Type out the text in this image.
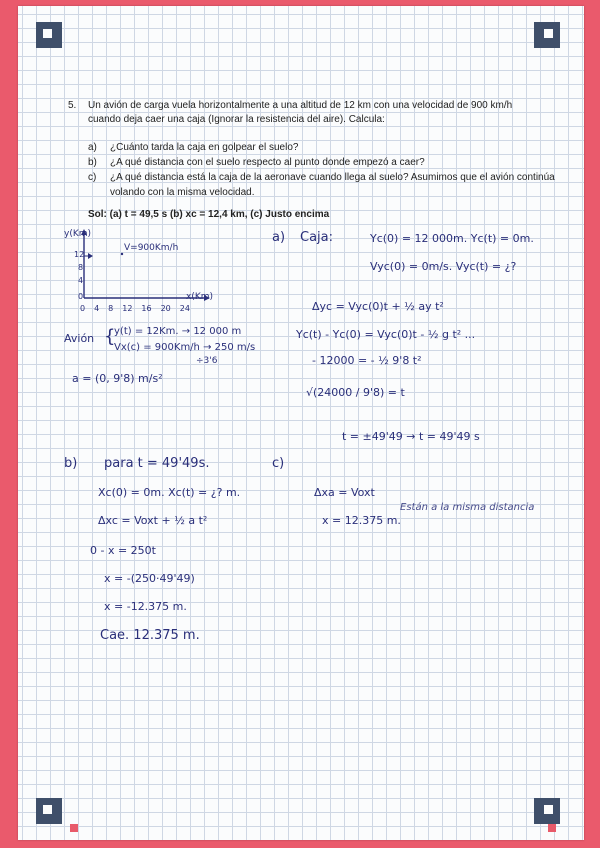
5. Un avión de carga vuela horizontalmente a una altitud de 12 km con una velocidad de 900 km/h
cuando deja caer una caja (Ignorar la resistencia del aire). Calcula:
a) ¿Cuánto tarda la caja en golpear el suelo?
b) ¿A qué distancia con el suelo respecto al punto donde empezó a caer?
c) ¿A qué distancia está la caja de la aeronave cuando llega al suelo? Asumimos que el avión continúa
volando con la misma velocidad.
Sol: (a) t = 49,5 s (b) xc = 12,4 km, (c) Justo encima
y(Km)
12
8
4
0
V=900Km/h
x(Km)
0 4 8 12 16 20 24
Avión {
y(t) = 12Km. → 12 000 m
Vx(c) = 900Km/h → 250 m/s
÷3'6
a = (0, 9'8) m/s²
a) Caja:	Yc(0) = 12 000m. Yc(t) = 0m.
Vyc(0) = 0m/s. Vyc(t) = ¿?
Δyc = Vyc(0)t + ½ ay t²
Yc(t) - Yc(0) = Vyc(0)t - ½ g t² ...
- 12000 = - ½ 9'8 t²
√(24000 / 9'8) = t
t = ±49'49 → t = 49'49 s
b) para t = 49'49s.
Xc(0) = 0m. Xc(t) = ¿? m.
Δxc = Voxt + ½ a t²
0 - x = 250t
x = -(250·49'49)
x = -12.375 m.
Cae. 12.375 m.
c)
Δxa = Voxt
x = 12.375 m.
Están a la misma distancia
